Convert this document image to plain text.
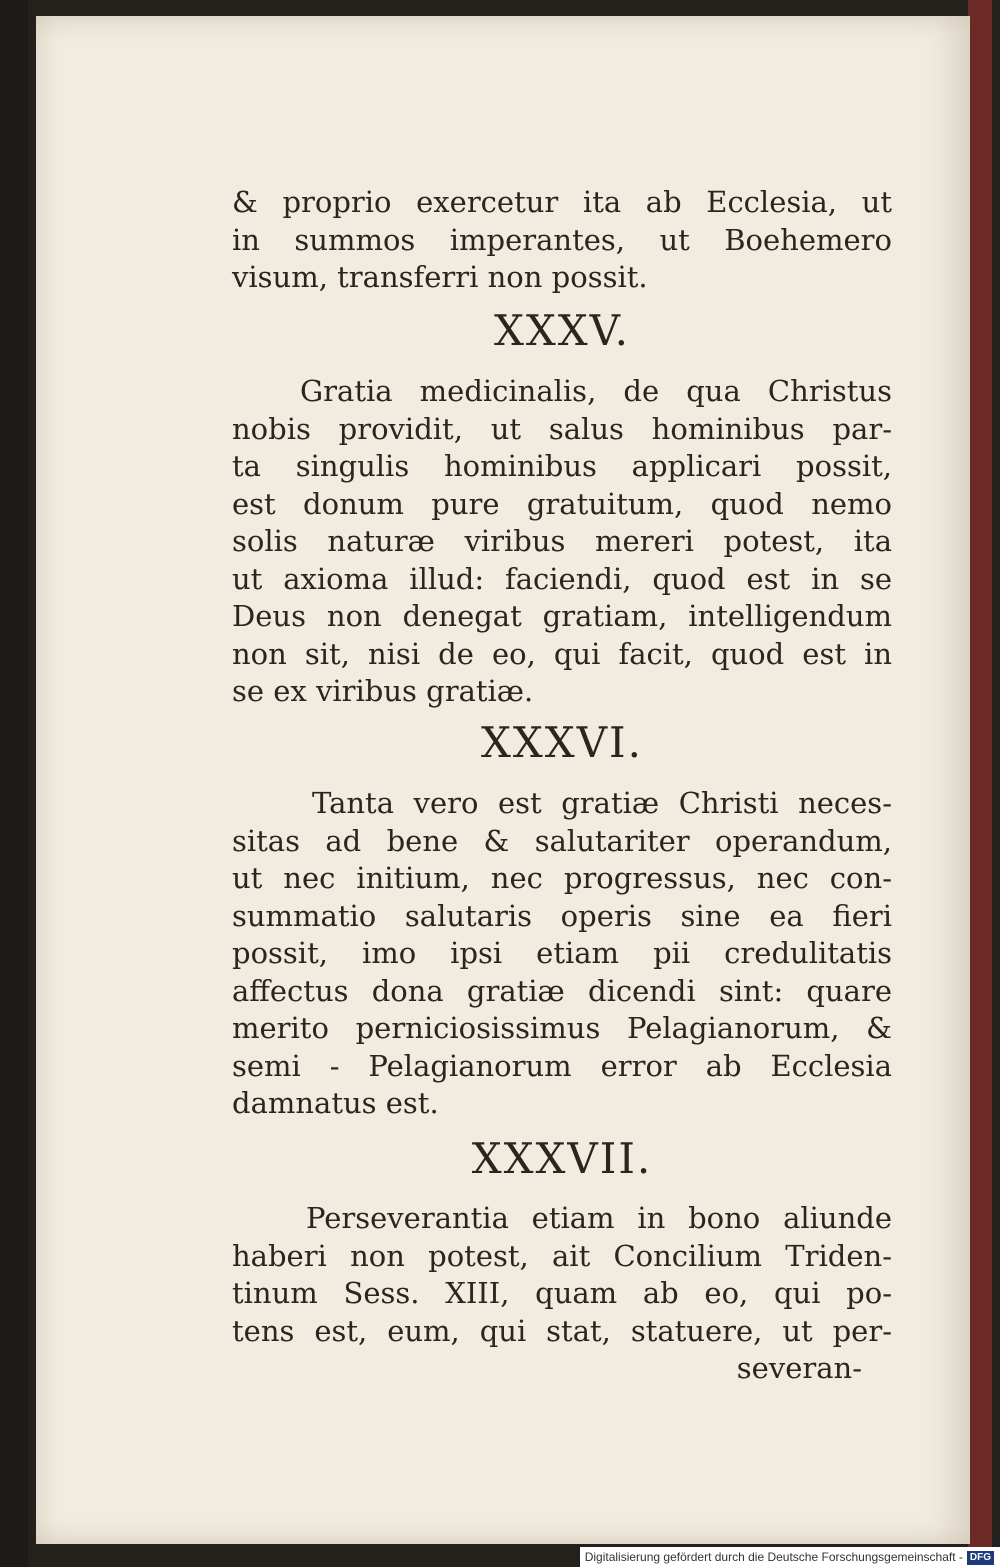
& proprio exercetur ita ab Ecclesia, ut
in summos imperantes, ut Boehemero
visum, transferri non possit.
XXXV.
Gratia medicinalis, de qua Christus
nobis providit, ut salus hominibus par-
ta singulis hominibus applicari possit,
est donum pure gratuitum, quod nemo
solis naturæ viribus mereri potest, ita
ut axioma illud: faciendi, quod est in se
Deus non denegat gratiam, intelligendum
non sit, nisi de eo, qui facit, quod est in
se ex viribus gratiæ.
XXXVI.
Tanta vero est gratiæ Christi neces-
sitas ad bene & salutariter operandum,
ut nec initium, nec progressus, nec con-
summatio salutaris operis sine ea fieri
possit, imo ipsi etiam pii credulitatis
affectus dona gratiæ dicendi sint: quare
merito perniciosissimus Pelagianorum, &
semi - Pelagianorum error ab Ecclesia
damnatus est.
XXXVII.
Perseverantia etiam in bono aliunde
haberi non potest, ait Concilium Triden-
tinum Sess. XIII, quam ab eo, qui po-
tens est, eum, qui stat, statuere, ut per-
severan-
Digitalisierung gefördert durch die Deutsche Forschungsgemeinschaft - DFG
